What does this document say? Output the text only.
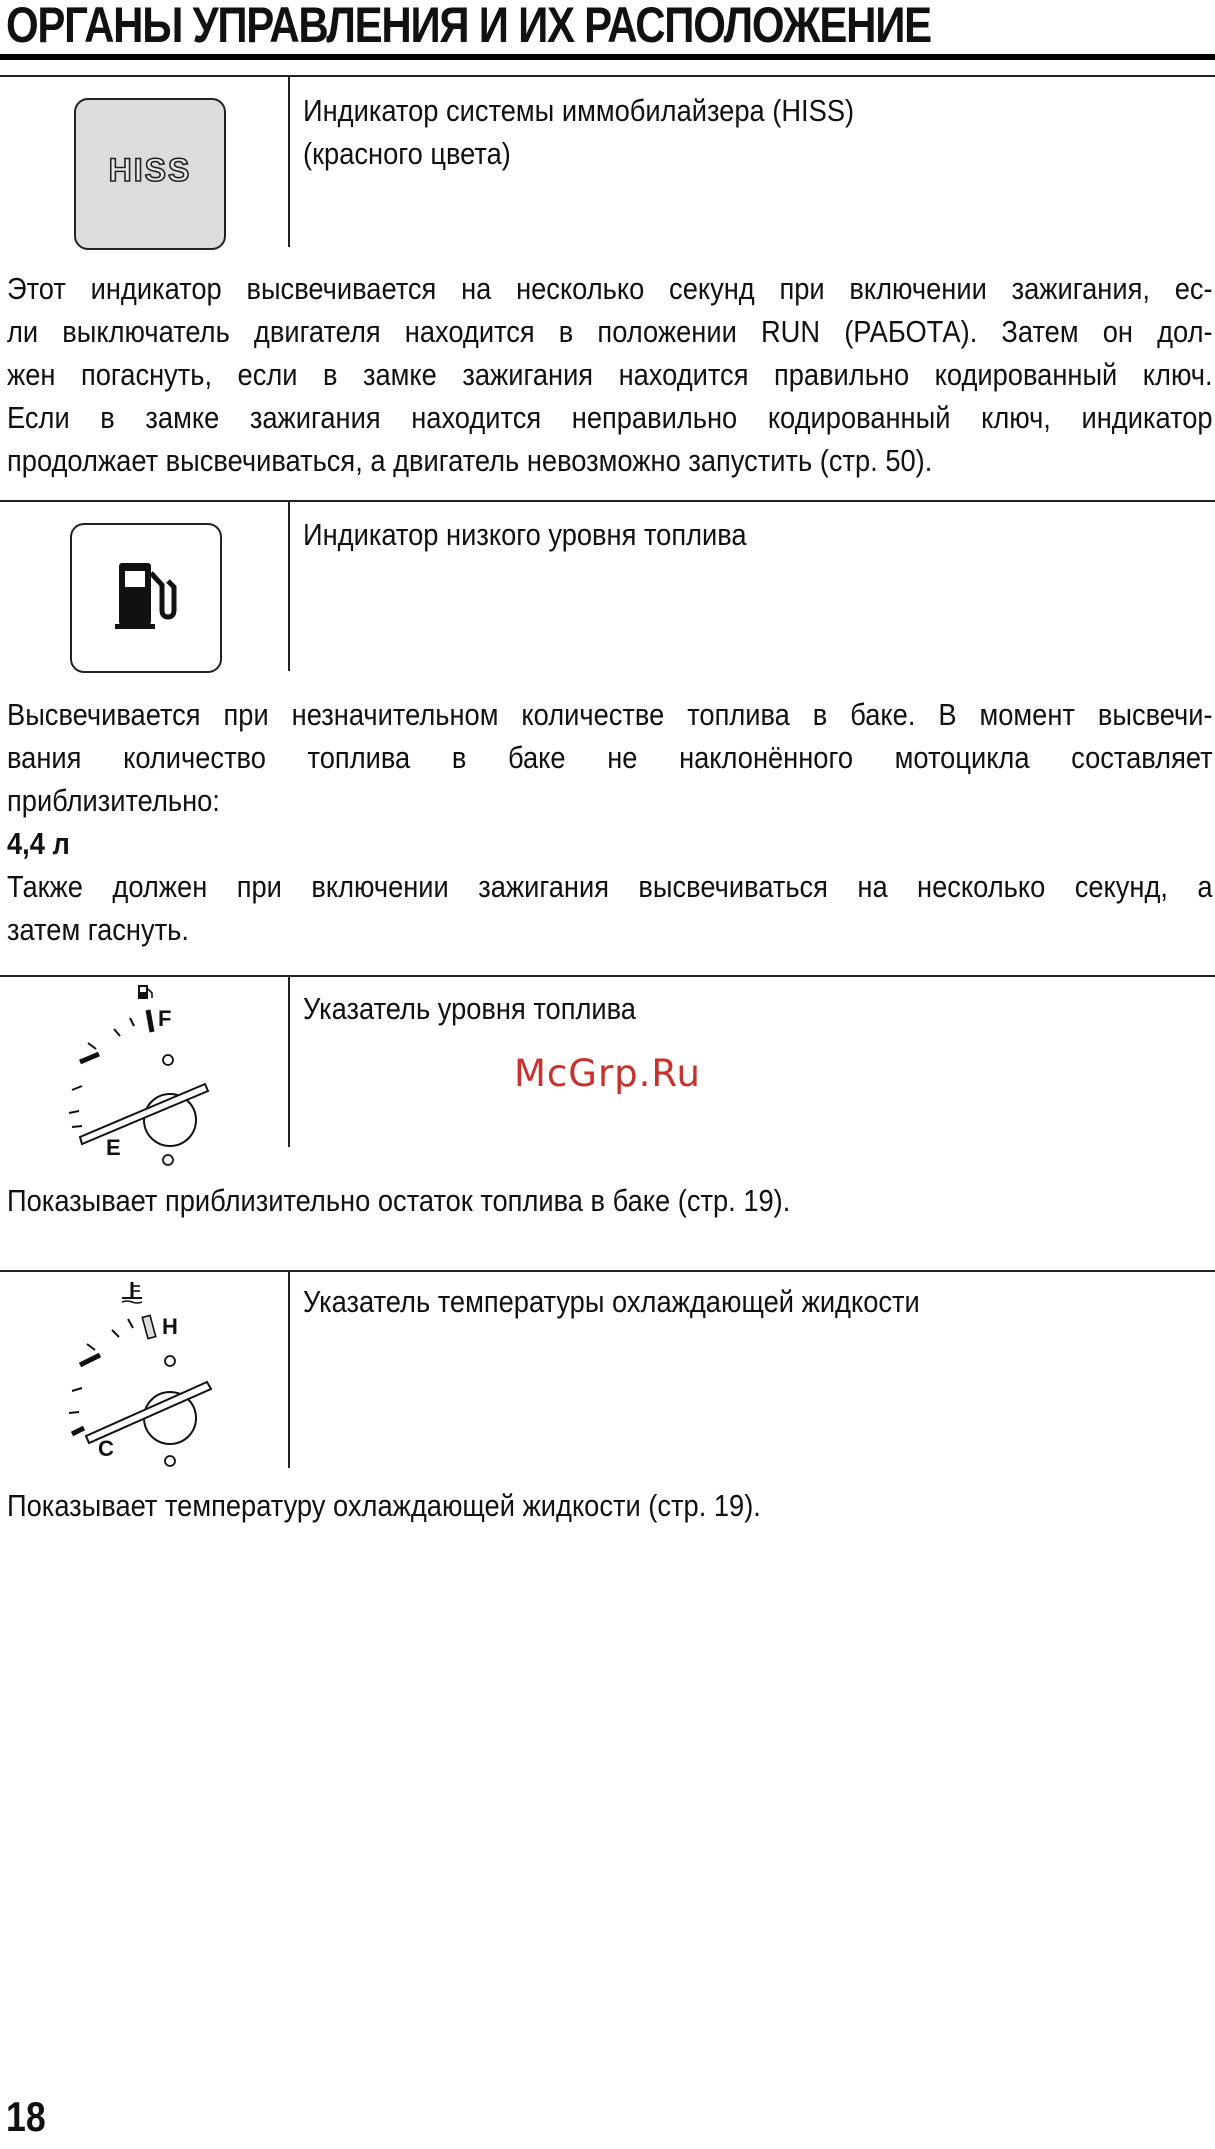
ОРГАНЫ УПРАВЛЕНИЯ И ИХ РАСПОЛОЖЕНИЕ
HISS
Индикатор системы иммобилайзера (HISS)
(красного цвета)
Этот индикатор высвечивается на несколько секунд при включении зажигания, ес-
ли выключатель двигателя находится в положении RUN (РАБОТА). Затем он дол-
жен погаснуть, если в замке зажигания находится правильно кодированный ключ.
Если в замке зажигания находится неправильно кодированный ключ, индикатор
продолжает высвечиваться, а двигатель невозможно запустить (стр. 50).
Индикатор низкого уровня топлива
Высвечивается при незначительном количестве топлива в баке. В момент высвечи-
вания количество топлива в баке не наклонённого мотоцикла составляет
приблизительно:
4,4 л
Также должен при включении зажигания высвечиваться на несколько секунд, а
затем гаснуть.
F
E
Указатель уровня топлива
McGrp.Ru
Показывает приблизительно остаток топлива в баке (стр. 19).
H
C
Указатель температуры охлаждающей жидкости
Показывает температуру охлаждающей жидкости (стр. 19).
18
